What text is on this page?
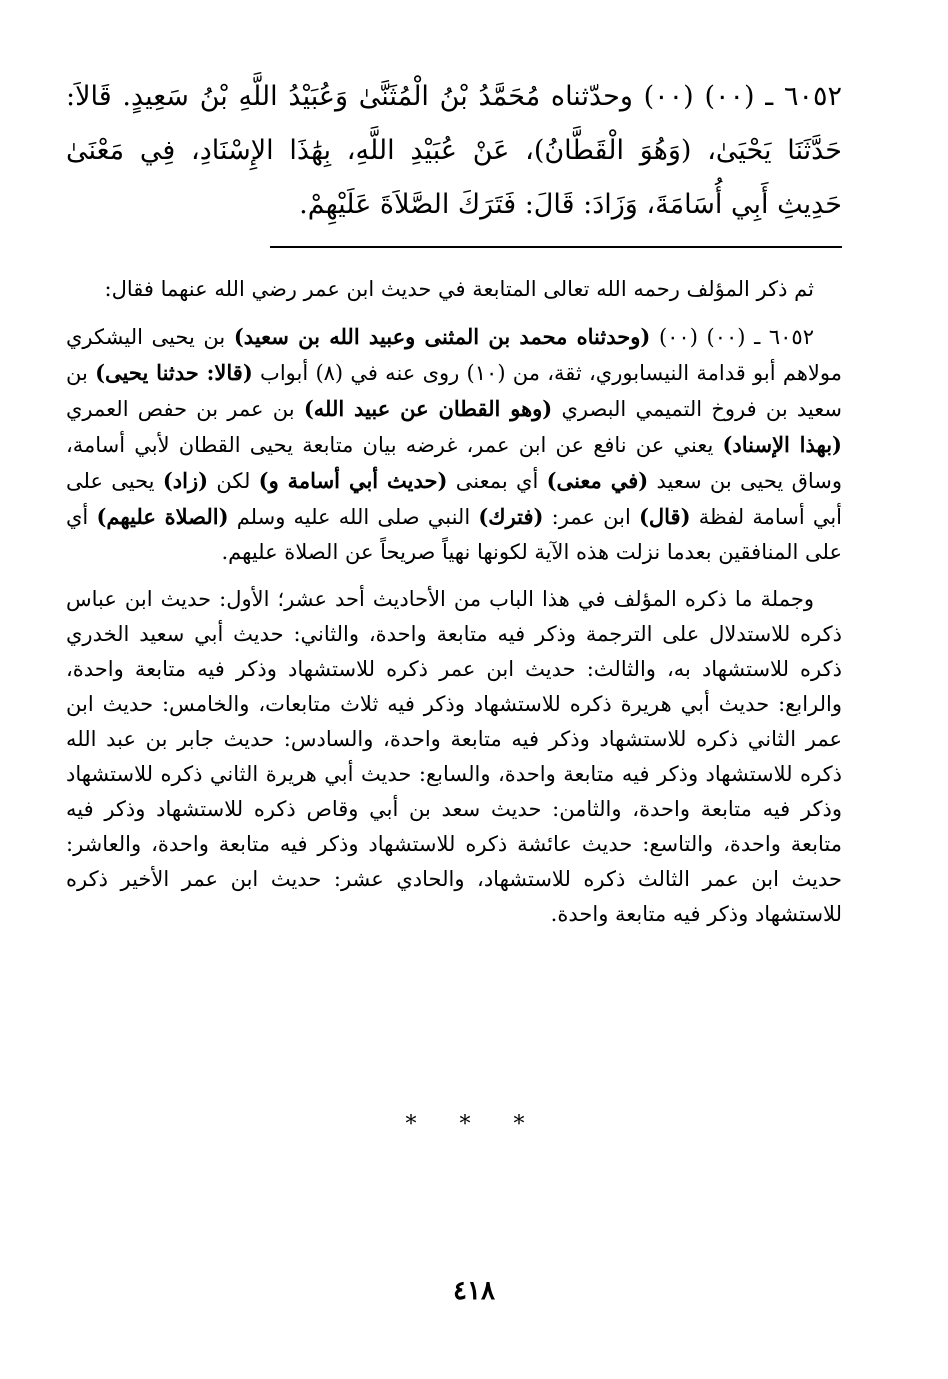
٦٠٥٢ ـ (٠٠) (٠٠) وحدّثناه مُحَمَّدُ بْنُ الْمُثَنَّىٰ وَعُبَيْدُ اللَّهِ بْنُ سَعِيدٍ. قَالاَ: حَدَّثَنَا يَحْيَىٰ، (وَهُوَ الْقَطَّانُ)، عَنْ عُبَيْدِ اللَّهِ، بِهَٰذَا الإِسْنَادِ، فِي مَعْنَىٰ حَدِيثِ أَبِي أُسَامَةَ، وَزَادَ: قَالَ: فَتَرَكَ الصَّلاَةَ عَلَيْهِمْ.

ثم ذكر المؤلف رحمه الله تعالى المتابعة في حديث ابن عمر رضي الله عنهما فقال:

٦٠٥٢ ـ (٠٠) (٠٠) (وحدثناه محمد بن المثنى وعبيد الله بن سعيد) بن يحيى اليشكري مولاهم أبو قدامة النيسابوري، ثقة، من (١٠) روى عنه في (٨) أبواب (قالا: حدثنا يحيى) بن سعيد بن فروخ التميمي البصري (وهو القطان عن عبيد الله) بن عمر بن حفص العمري (بهذا الإسناد) يعني عن نافع عن ابن عمر، غرضه بيان متابعة يحيى القطان لأبي أسامة، وساق يحيى بن سعيد (في معنى) أي بمعنى (حديث أبي أسامة و) لكن (زاد) يحيى على أبي أسامة لفظة (قال) ابن عمر: (فترك) النبي صلى الله عليه وسلم (الصلاة عليهم) أي على المنافقين بعدما نزلت هذه الآية لكونها نهياً صريحاً عن الصلاة عليهم.

وجملة ما ذكره المؤلف في هذا الباب من الأحاديث أحد عشر؛ الأول: حديث ابن عباس ذكره للاستدلال على الترجمة وذكر فيه متابعة واحدة، والثاني: حديث أبي سعيد الخدري ذكره للاستشهاد به، والثالث: حديث ابن عمر ذكره للاستشهاد وذكر فيه متابعة واحدة، والرابع: حديث أبي هريرة ذكره للاستشهاد وذكر فيه ثلاث متابعات، والخامس: حديث ابن عمر الثاني ذكره للاستشهاد وذكر فيه متابعة واحدة، والسادس: حديث جابر بن عبد الله ذكره للاستشهاد وذكر فيه متابعة واحدة، والسابع: حديث أبي هريرة الثاني ذكره للاستشهاد وذكر فيه متابعة واحدة، والثامن: حديث سعد بن أبي وقاص ذكره للاستشهاد وذكر فيه متابعة واحدة، والتاسع: حديث عائشة ذكره للاستشهاد وذكر فيه متابعة واحدة، والعاشر: حديث ابن عمر الثالث ذكره للاستشهاد، والحادي عشر: حديث ابن عمر الأخير ذكره للاستشهاد وذكر فيه متابعة واحدة.

* * *
٤١٨
